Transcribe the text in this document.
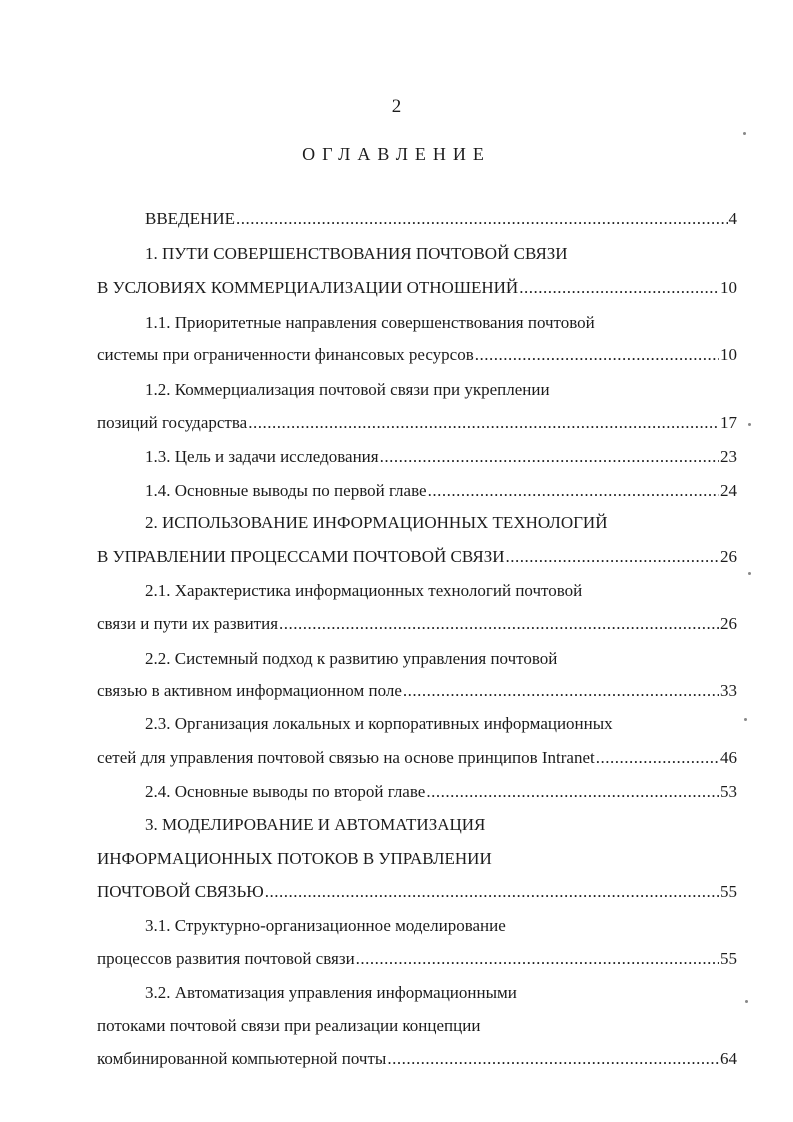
2
ОГЛАВЛЕНИЕ
ВВЕДЕНИЕ .....	4
1. ПУТИ СОВЕРШЕНСТВОВАНИЯ ПОЧТОВОЙ СВЯЗИ
В УСЛОВИЯХ КОММЕРЦИАЛИЗАЦИИ ОТНОШЕНИЙ .....	10
1.1. Приоритетные направления совершенствования почтовой
системы при ограниченности финансовых ресурсов .....	10
1.2. Коммерциализация почтовой связи при укреплении
позиций государства .....	17
1.3. Цель и задачи исследования .....	23
1.4. Основные выводы по первой главе .....	24
2. ИСПОЛЬЗОВАНИЕ ИНФОРМАЦИОННЫХ ТЕХНОЛОГИЙ
В УПРАВЛЕНИИ ПРОЦЕССАМИ ПОЧТОВОЙ СВЯЗИ .....	26
2.1. Характеристика информационных технологий почтовой
связи и пути их развития .....	26
2.2. Системный подход к развитию управления почтовой
связью в активном информационном поле .....	33
2.3. Организация локальных и корпоративных информационных
сетей для управления почтовой связью на основе принципов Intranet .....	46
2.4. Основные выводы по второй главе .....	53
3. МОДЕЛИРОВАНИЕ И АВТОМАТИЗАЦИЯ
ИНФОРМАЦИОННЫХ ПОТОКОВ В УПРАВЛЕНИИ
ПОЧТОВОЙ СВЯЗЬЮ .....	55
3.1. Структурно-организационное моделирование
процессов развития почтовой связи .....	55
3.2. Автоматизация управления информационными
потоками почтовой связи при реализации концепции
комбинированной компьютерной почты .....	64
